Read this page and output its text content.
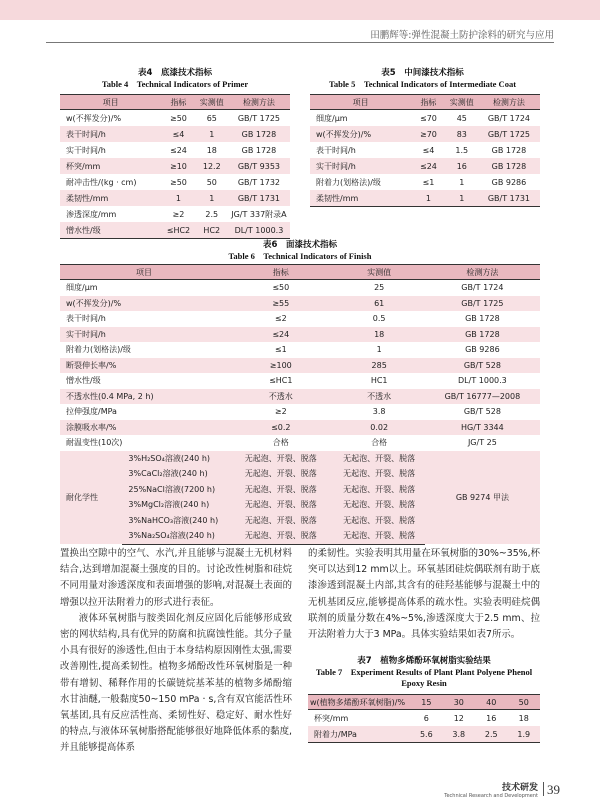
田鹏辉等:弹性混凝土防护涂料的研究与应用
表4　底漆技术指标
Table 4　Technical Indicators of Primer
项目	指标	实测值	检测方法
w(不挥发分)/%	≥50	65	GB/T 1725
表干时间/h	≤4	1	GB 1728
实干时间/h	≤24	18	GB 1728
杯突/mm	≥10	12.2	GB/T 9353
耐冲击性/(kg · cm)	≥50	50	GB/T 1732
柔韧性/mm	1	1	GB/T 1731
渗透深度/mm	≥2	2.5	JG/T 337附录A
憎水性/级	≤HC2	HC2	DL/T 1000.3
表5　中间漆技术指标
Table 5　Technical Indicators of Intermediate Coat
项目	指标	实测值	检测方法
细度/μm	≤70	45	GB/T 1724
w(不挥发分)/%	≥70	83	GB/T 1725
表干时间/h	≤4	1.5	GB 1728
实干时间/h	≤24	16	GB 1728
附着力(划格法)/级	≤1	1	GB 9286
柔韧性/mm	1	1	GB/T 1731
表6　面漆技术指标
Table 6　Technical Indicators of Finish
项目		指标	实测值	检测方法
细度/μm		≤50	25	GB/T 1724
w(不挥发分)/%		≥55	61	GB/T 1725
表干时间/h		≤2	0.5	GB 1728
实干时间/h		≤24	18	GB 1728
附着力(划格法)/级		≤1	1	GB 9286
断裂伸长率/%		≥100	285	GB/T 528
憎水性/级		≤HC1	HC1	DL/T 1000.3
不透水性(0.4 MPa, 2 h)		不透水	不透水	GB/T 16777—2008
拉伸强度/MPa		≥2	3.8	GB/T 528
涂膜吸水率/%		≤0.2	0.02	HG/T 3344
耐温变性(10次)		合格	合格	JG/T 25
耐化学性	3%H₂SO₄溶液(240 h)	无起泡、开裂、脱落	无起泡、开裂、脱落	GB 9274 甲法
	3%CaCl₂溶液(240 h)	无起泡、开裂、脱落	无起泡、开裂、脱落	
	25%NaCl溶液(7200 h)	无起泡、开裂、脱落	无起泡、开裂、脱落	
	3%MgCl₂溶液(240 h)	无起泡、开裂、脱落	无起泡、开裂、脱落	
	3%NaHCO₃溶液(240 h)	无起泡、开裂、脱落	无起泡、开裂、脱落	
	3%Na₂SO₄溶液(240 h)	无起泡、开裂、脱落	无起泡、开裂、脱落	

置换出空隙中的空气、水汽,并且能够与混凝土无机材料结合,达到增加混凝土强度的目的。讨论改性树脂和硅烷不同用量对渗透深度和表面增强的影响,对混凝土表面的增强以拉开法附着力的形式进行表征。

液体环氧树脂与胺类固化剂反应固化后能够形成致密的网状结构,具有优异的防腐和抗腐蚀性能。其分子量小具有很好的渗透性,但由于本身结构原因刚性太强,需要改善刚性,提高柔韧性。植物多烯酚改性环氧树脂是一种带有增韧、稀释作用的长碳链烷基苯基的植物多烯酚缩水甘油醚,一般黏度50~150 mPa · s,含有双官能活性环氧基团,具有反应活性高、柔韧性好、稳定好、耐水性好的特点,与液体环氧树脂搭配能够很好地降低体系的黏度,并且能够提高体系

的柔韧性。实验表明其用量在环氧树脂的30%~35%,杯突可以达到12 mm以上。环氧基团硅烷偶联剂有助于底漆渗透到混凝土内部,其含有的硅羟基能够与混凝土中的无机基团反应,能够提高体系的疏水性。实验表明硅烷偶联剂的质量分数在4%~5%,渗透深度大于2.5 mm、拉开法附着力大于3 MPa。具体实验结果如表7所示。

表7　植物多烯酚环氧树脂实验结果
Table 7　Experiment Results of Plant Plant Polyene Phenol Epoxy Resin
w(植物多烯酚环氧树脂)/%	15	30	40	50
杯突/mm	6	12	16	18
附着力/MPa	5.6	3.8	2.5	1.9
技术研发
Technical Research and Development 39
